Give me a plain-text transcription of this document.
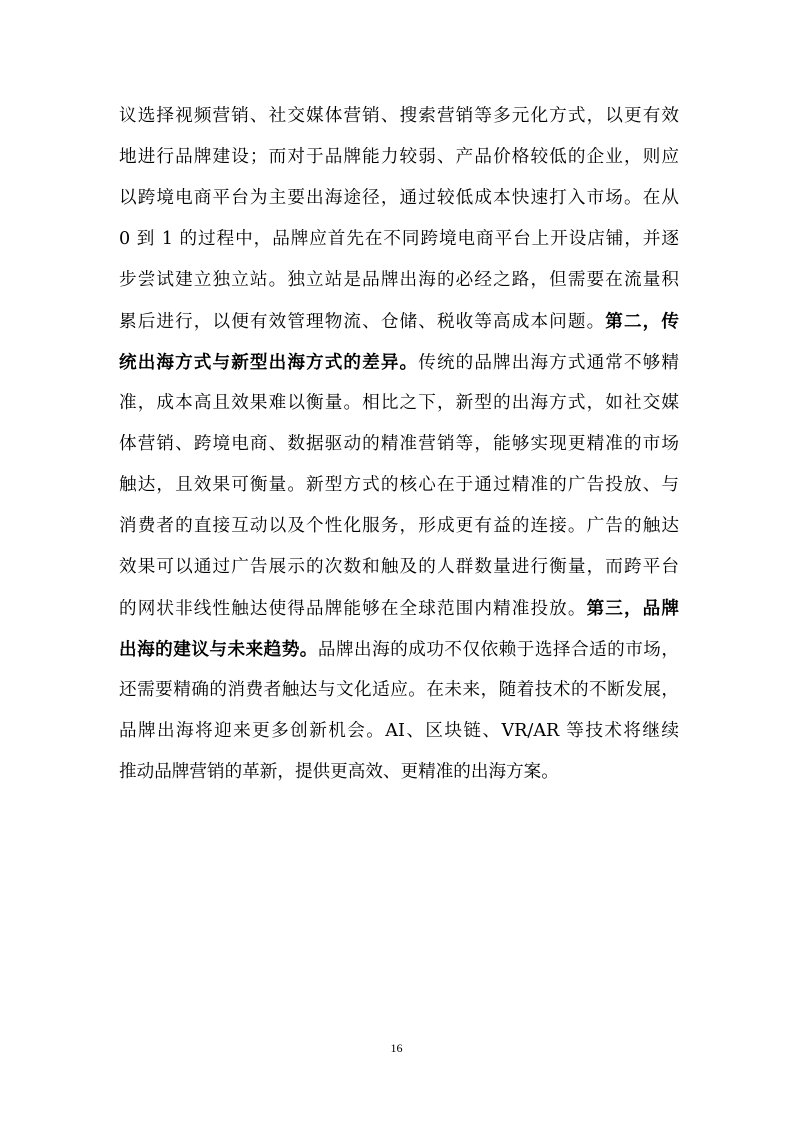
议选择视频营销、社交媒体营销、搜索营销等多元化方式，以更有效
地进行品牌建设；而对于品牌能力较弱、产品价格较低的企业，则应
以跨境电商平台为主要出海途径，通过较低成本快速打入市场。在从
0 到 1 的过程中，品牌应首先在不同跨境电商平台上开设店铺，并逐
步尝试建立独立站。独立站是品牌出海的必经之路，但需要在流量积
累后进行，以便有效管理物流、仓储、税收等高成本问题。第二，传
统出海方式与新型出海方式的差异。传统的品牌出海方式通常不够精
准，成本高且效果难以衡量。相比之下，新型的出海方式，如社交媒
体营销、跨境电商、数据驱动的精准营销等，能够实现更精准的市场
触达，且效果可衡量。新型方式的核心在于通过精准的广告投放、与
消费者的直接互动以及个性化服务，形成更有益的连接。广告的触达
效果可以通过广告展示的次数和触及的人群数量进行衡量，而跨平台
的网状非线性触达使得品牌能够在全球范围内精准投放。第三，品牌
出海的建议与未来趋势。品牌出海的成功不仅依赖于选择合适的市场，
还需要精确的消费者触达与文化适应。在未来，随着技术的不断发展，
品牌出海将迎来更多创新机会。AI、区块链、VR/AR 等技术将继续
推动品牌营销的革新，提供更高效、更精准的出海方案。
16
